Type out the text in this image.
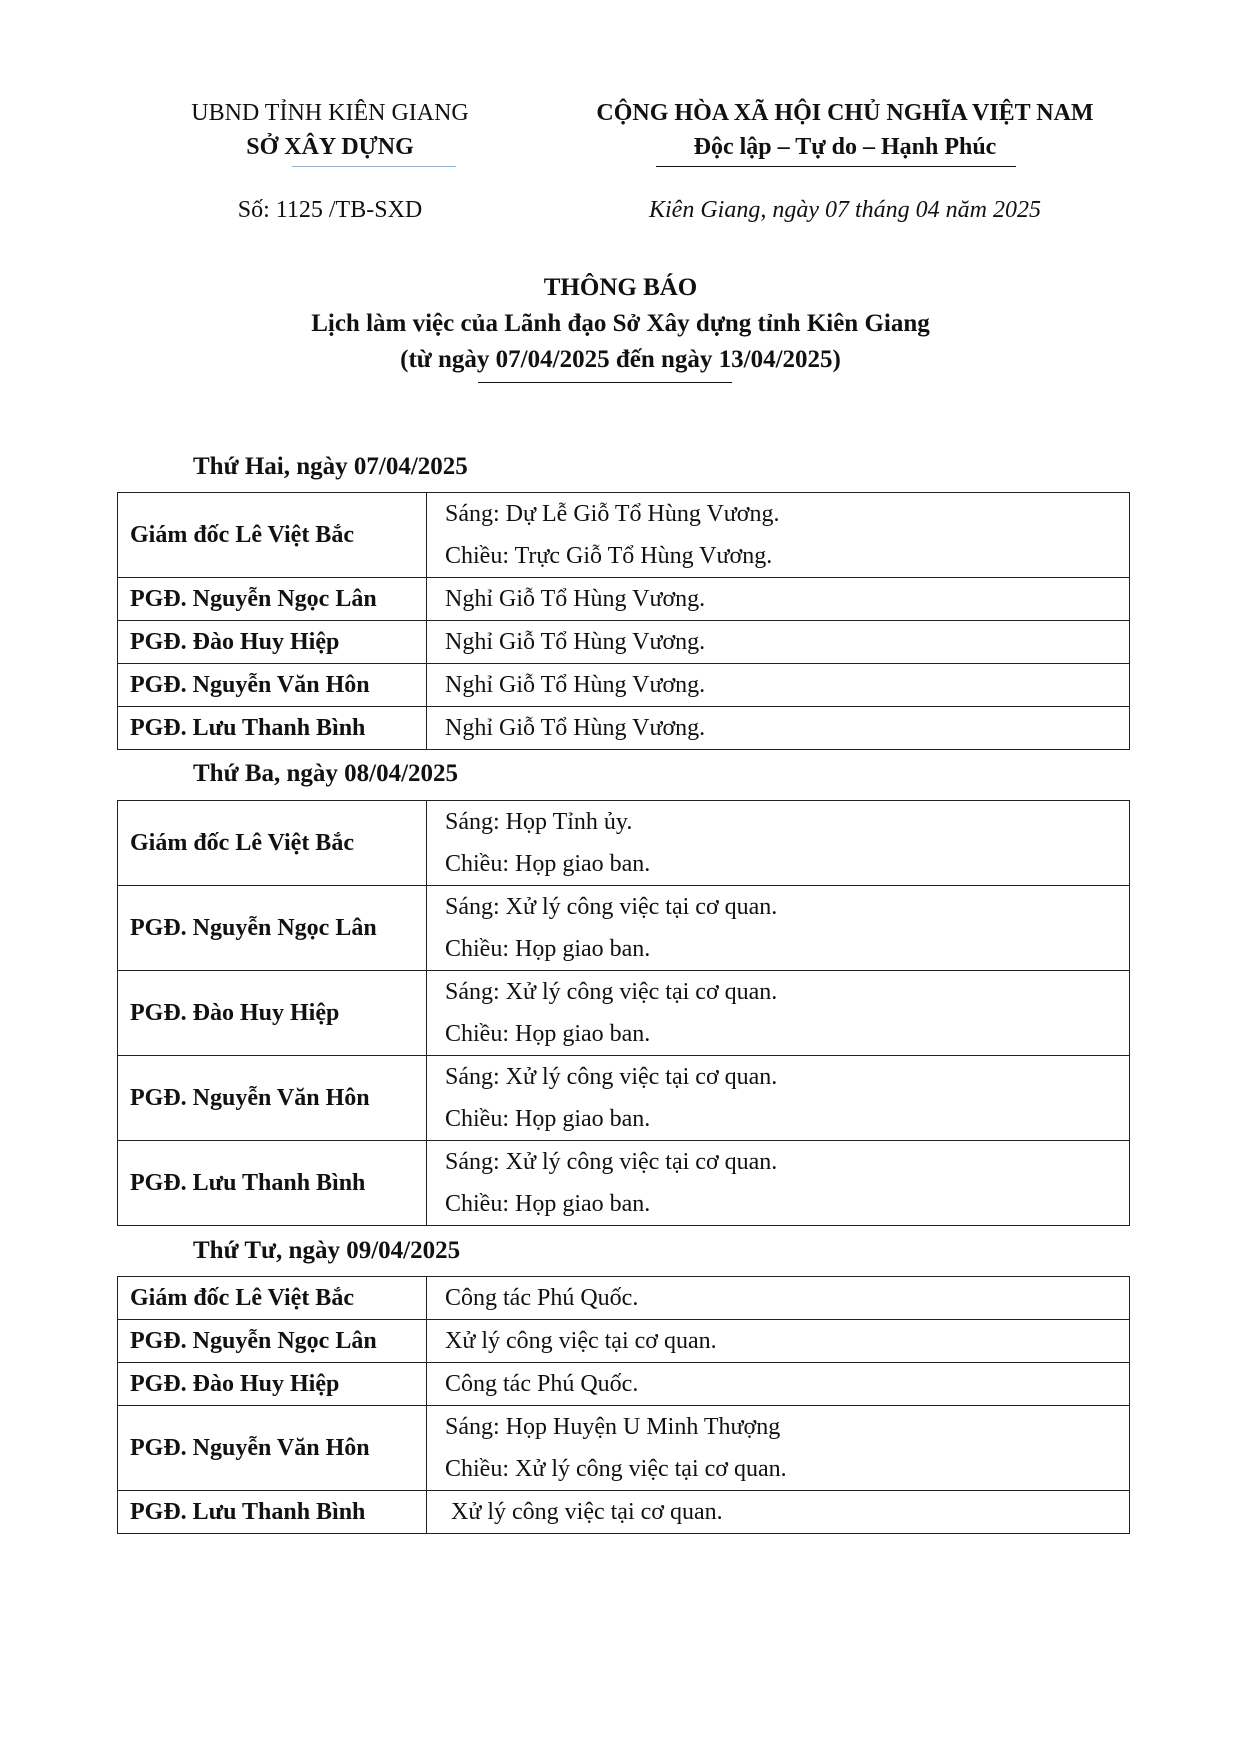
UBND TỈNH KIÊN GIANG
SỞ XÂY DỰNG
CỘNG HÒA XÃ HỘI CHỦ NGHĨA VIỆT NAM
Độc lập – Tự do – Hạnh Phúc
Số: 1125 /TB-SXD	Kiên Giang, ngày 07 tháng 04 năm 2025
THÔNG BÁO
Lịch làm việc của Lãnh đạo Sở Xây dựng tỉnh Kiên Giang
(từ ngày 07/04/2025 đến ngày 13/04/2025)
Thứ Hai, ngày 07/04/2025
Giám đốc Lê Việt Bắc	Sáng: Dự Lễ Giỗ Tổ Hùng Vương.
Chiều: Trực Giỗ Tổ Hùng Vương.

PGĐ. Nguyễn Ngọc Lân	Nghỉ Giỗ Tổ Hùng Vương.

PGĐ. Đào Huy Hiệp	Nghỉ Giỗ Tổ Hùng Vương.

PGĐ. Nguyễn Văn Hôn	Nghỉ Giỗ Tổ Hùng Vương.

PGĐ. Lưu Thanh Bình	Nghỉ Giỗ Tổ Hùng Vương.
Thứ Ba, ngày 08/04/2025
Giám đốc Lê Việt Bắc	Sáng: Họp Tỉnh ủy.
Chiều: Họp giao ban.

PGĐ. Nguyễn Ngọc Lân	Sáng: Xử lý công việc tại cơ quan.
Chiều: Họp giao ban.

PGĐ. Đào Huy Hiệp	Sáng: Xử lý công việc tại cơ quan.
Chiều: Họp giao ban.

PGĐ. Nguyễn Văn Hôn	Sáng: Xử lý công việc tại cơ quan.
Chiều: Họp giao ban.

PGĐ. Lưu Thanh Bình	Sáng: Xử lý công việc tại cơ quan.
Chiều: Họp giao ban.
Thứ Tư, ngày 09/04/2025
Giám đốc Lê Việt Bắc	Công tác Phú Quốc.

PGĐ. Nguyễn Ngọc Lân	Xử lý công việc tại cơ quan.

PGĐ. Đào Huy Hiệp	Công tác Phú Quốc.

PGĐ. Nguyễn Văn Hôn	Sáng: Họp Huyện U Minh Thượng
Chiều: Xử lý công việc tại cơ quan.

PGĐ. Lưu Thanh Bình	Xử lý công việc tại cơ quan.
